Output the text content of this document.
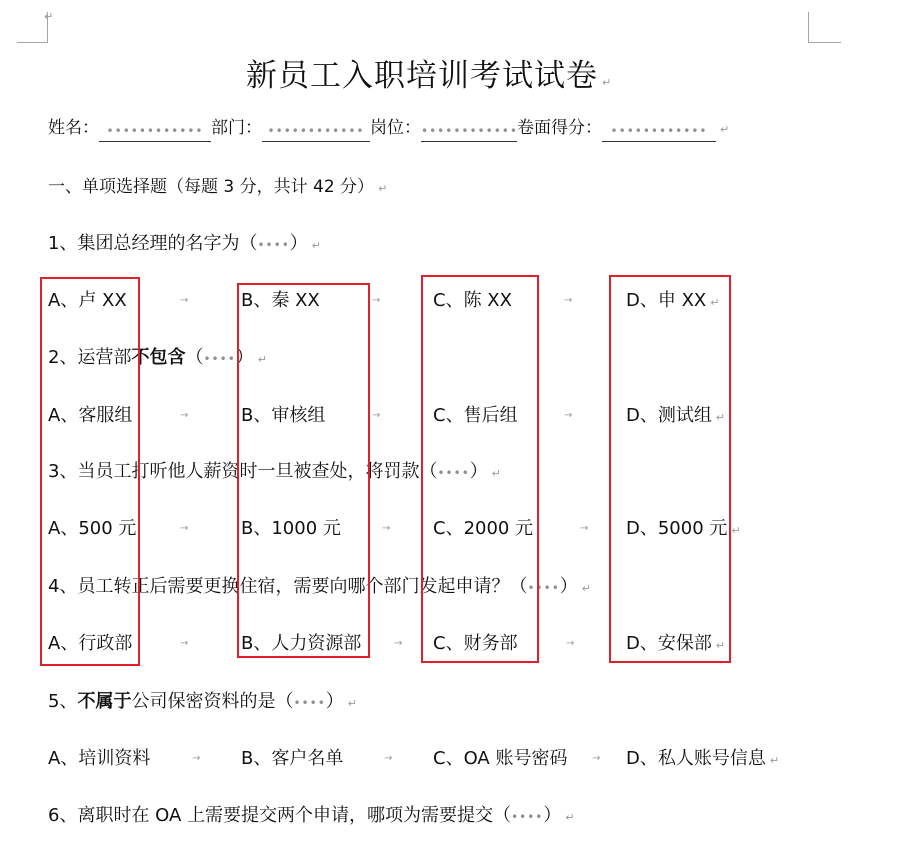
↵
新员工入职培训考试试卷 ↵
姓名： •••••••••••• 部门： •••••••••••• 岗位：••••••••••••卷面得分： •••••••••••• ↵
一、单项选择题（每题 3 分，共计 42 分） ↵
1、集团总经理的名字为（••••） ↵
A、卢 XX	B、秦 XX	C、陈 XX	D、申 XX ↵
2、运营部不包含（••••） ↵
A、客服组	B、审核组	C、售后组	D、测试组 ↵
3、当员工打听他人薪资时一旦被查处，将罚款（••••） ↵
A、500 元	B、1000 元	C、2000 元	D、5000 元 ↵
4、员工转正后需要更换住宿，需要向哪个部门发起申请？（••••） ↵
A、行政部	B、人力资源部	C、财务部	D、安保部 ↵
5、不属于公司保密资料的是（••••） ↵
A、培训资料	B、客户名单	C、OA 账号密码	D、私人账号信息 ↵
6、离职时在 OA 上需要提交两个申请，哪项为需要提交（••••） ↵
→	→	→
→	→	→
→	→	→
→	→	→
→	→	→
